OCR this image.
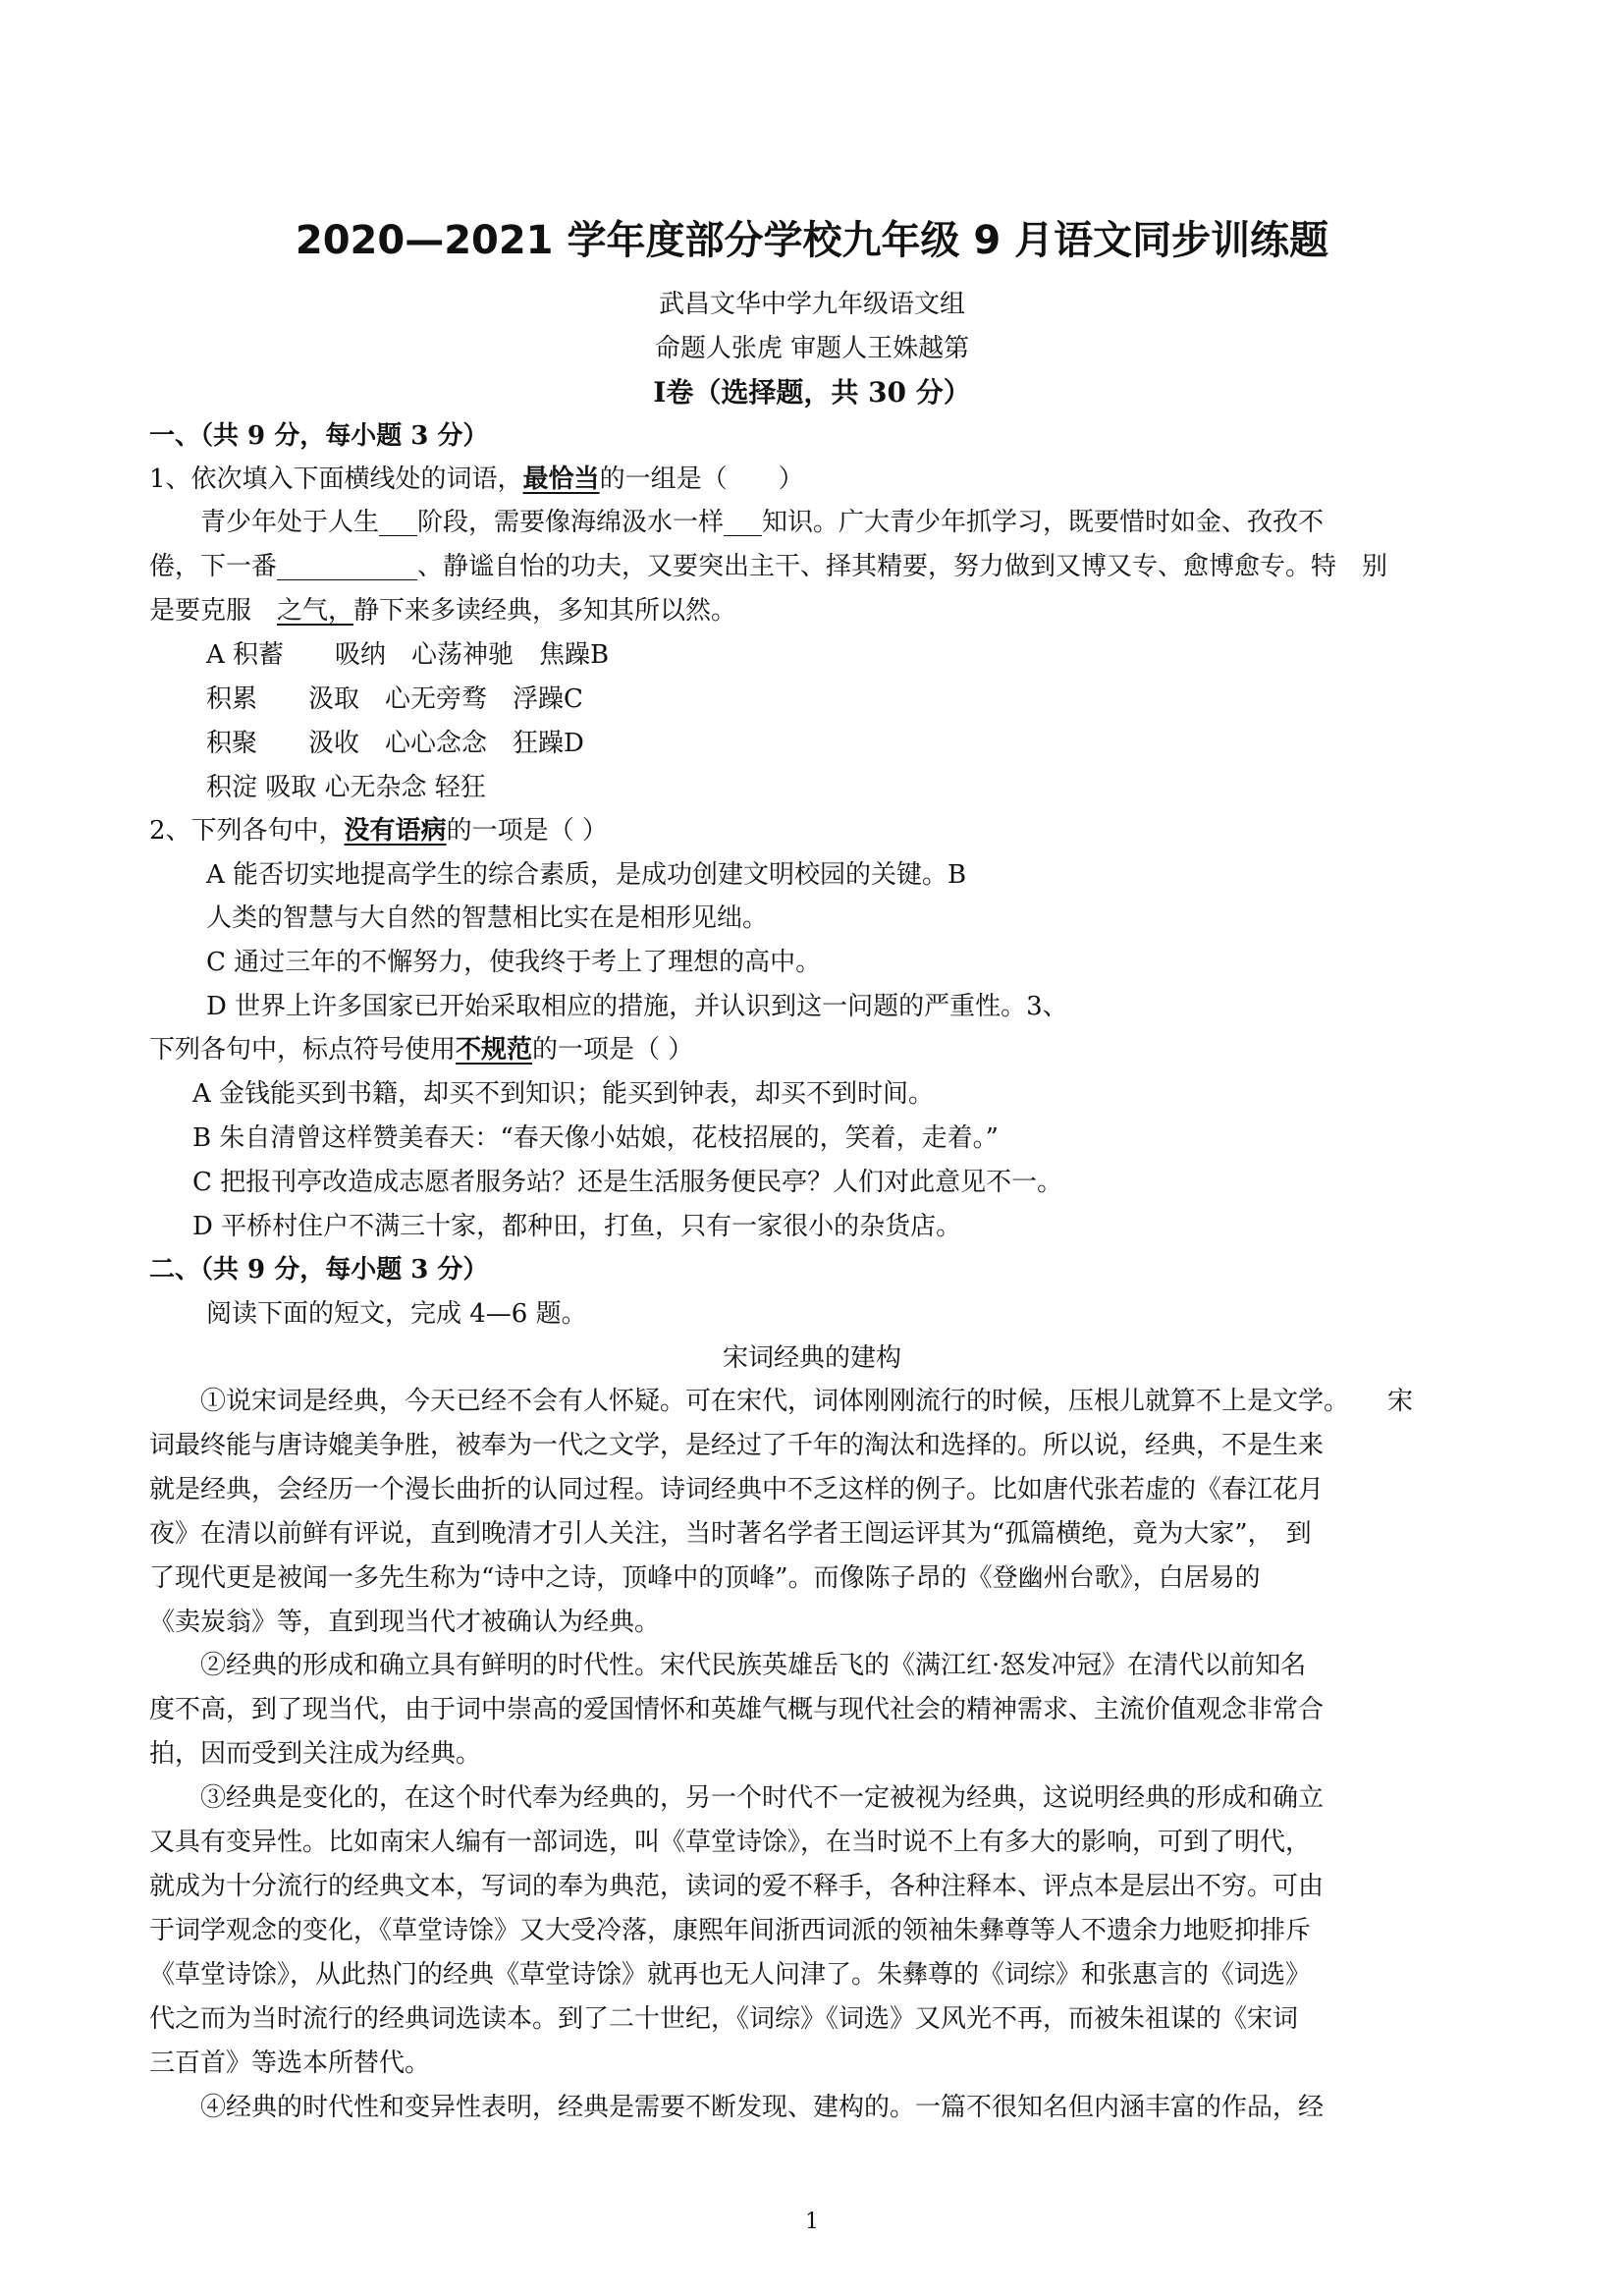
2020—2021 学年度部分学校九年级 9 月语文同步训练题
武昌文华中学九年级语文组
命题人张虎 审题人王姝越第
Ⅰ卷（选择题，共 30 分）
一、（共 9 分，每小题 3 分）
1、依次填入下面横线处的词语，最恰当的一组是（　　）
青少年处于人生___阶段，需要像海绵汲水一样___知识。广大青少年抓学习，既要惜时如金、孜孜不
倦，下一番___________、静谧自怡的功夫，又要突出主干、择其精要，努力做到又博又专、愈博愈专。特　别
是要克服　之气，静下来多读经典，多知其所以然。
A 积蓄　　吸纳　心荡神驰　焦躁B
积累　　汲取　心无旁骛　浮躁C
积聚　　汲收　心心念念　狂躁D
积淀 吸取 心无杂念 轻狂
2、下列各句中，没有语病的一项是（ ）
A 能否切实地提高学生的综合素质，是成功创建文明校园的关键。B
人类的智慧与大自然的智慧相比实在是相形见绌。
C 通过三年的不懈努力，使我终于考上了理想的高中。
D 世界上许多国家已开始采取相应的措施，并认识到这一问题的严重性。3、
下列各句中，标点符号使用不规范的一项是（ ）
A 金钱能买到书籍，却买不到知识；能买到钟表，却买不到时间。
B 朱自清曾这样赞美春天：“春天像小姑娘，花枝招展的，笑着，走着。”
C 把报刊亭改造成志愿者服务站？还是生活服务便民亭？人们对此意见不一。
D 平桥村住户不满三十家，都种田，打鱼，只有一家很小的杂货店。
二、（共 9 分，每小题 3 分）
阅读下面的短文，完成 4—6 题。
宋词经典的建构
①说宋词是经典，今天已经不会有人怀疑。可在宋代，词体刚刚流行的时候，压根儿就算不上是文学。　　宋
词最终能与唐诗媲美争胜，被奉为一代之文学，是经过了千年的淘汰和选择的。所以说，经典，不是生来
就是经典，会经历一个漫长曲折的认同过程。诗词经典中不乏这样的例子。比如唐代张若虚的《春江花月
夜》在清以前鲜有评说，直到晚清才引人关注，当时著名学者王闿运评其为“孤篇横绝，竟为大家”，　到
了现代更是被闻一多先生称为“诗中之诗，顶峰中的顶峰”。而像陈子昂的《登幽州台歌》，白居易的
《卖炭翁》等，直到现当代才被确认为经典。
②经典的形成和确立具有鲜明的时代性。宋代民族英雄岳飞的《满江红·怒发冲冠》在清代以前知名
度不高，到了现当代，由于词中崇高的爱国情怀和英雄气概与现代社会的精神需求、主流价值观念非常合
拍，因而受到关注成为经典。
③经典是变化的，在这个时代奉为经典的，另一个时代不一定被视为经典，这说明经典的形成和确立
又具有变异性。比如南宋人编有一部词选，叫《草堂诗馀》，在当时说不上有多大的影响，可到了明代，
就成为十分流行的经典文本，写词的奉为典范，读词的爱不释手，各种注释本、评点本是层出不穷。可由
于词学观念的变化，《草堂诗馀》又大受冷落，康熙年间浙西词派的领袖朱彝尊等人不遗余力地贬抑排斥
《草堂诗馀》，从此热门的经典《草堂诗馀》就再也无人问津了。朱彝尊的《词综》和张惠言的《词选》
代之而为当时流行的经典词选读本。到了二十世纪，《词综》《词选》又风光不再，而被朱祖谋的《宋词
三百首》等选本所替代。
④经典的时代性和变异性表明，经典是需要不断发现、建构的。一篇不很知名但内涵丰富的作品，经
1
